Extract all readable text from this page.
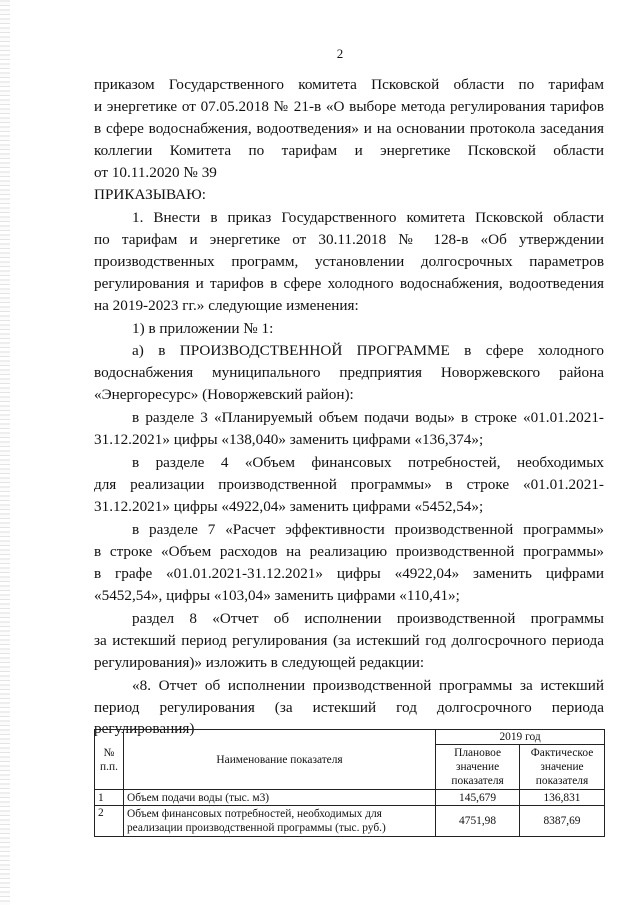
2
приказом Государственного комитета Псковской области по тарифам
и энергетике от 07.05.2018 № 21-в «О выборе метода регулирования тарифов
в сфере водоснабжения, водоотведения» и на основании протокола заседания
коллегии Комитета по тарифам и энергетике Псковской области
от 10.11.2020 № 39
ПРИКАЗЫВАЮ:
1. Внести в приказ Государственного комитета Псковской области
по тарифам и энергетике от 30.11.2018 № 128-в «Об утверждении
производственных программ, установлении долгосрочных параметров
регулирования и тарифов в сфере холодного водоснабжения, водоотведения
на 2019-2023 гг.» следующие изменения:
1) в приложении № 1:
а) в ПРОИЗВОДСТВЕННОЙ ПРОГРАММЕ в сфере холодного
водоснабжения муниципального предприятия Новоржевского района
«Энергоресурс» (Новоржевский район):
в разделе 3 «Планируемый объем подачи воды» в строке «01.01.2021-
31.12.2021» цифры «138,040» заменить цифрами «136,374»;
в разделе 4 «Объем финансовых потребностей, необходимых
для реализации производственной программы» в строке «01.01.2021-
31.12.2021» цифры «4922,04» заменить цифрами «5452,54»;
в разделе 7 «Расчет эффективности производственной программы»
в строке «Объем расходов на реализацию производственной программы»
в графе «01.01.2021-31.12.2021» цифры «4922,04» заменить цифрами
«5452,54», цифры «103,04» заменить цифрами «110,41»;
раздел 8 «Отчет об исполнении производственной программы
за истекший период регулирования (за истекший год долгосрочного периода
регулирования)» изложить в следующей редакции:
«8. Отчет об исполнении производственной программы за истекший
период регулирования (за истекший год долгосрочного периода
регулирования)
№ п.п.	Наименование показателя	2019 год	
		Плановое значение показателя	Фактическое значение показателя
1	Объем подачи воды (тыс. м3)	145,679	136,831
2	Объем финансовых потребностей, необходимых для реализации производственной программы (тыс. руб.)	4751,98	8387,69
